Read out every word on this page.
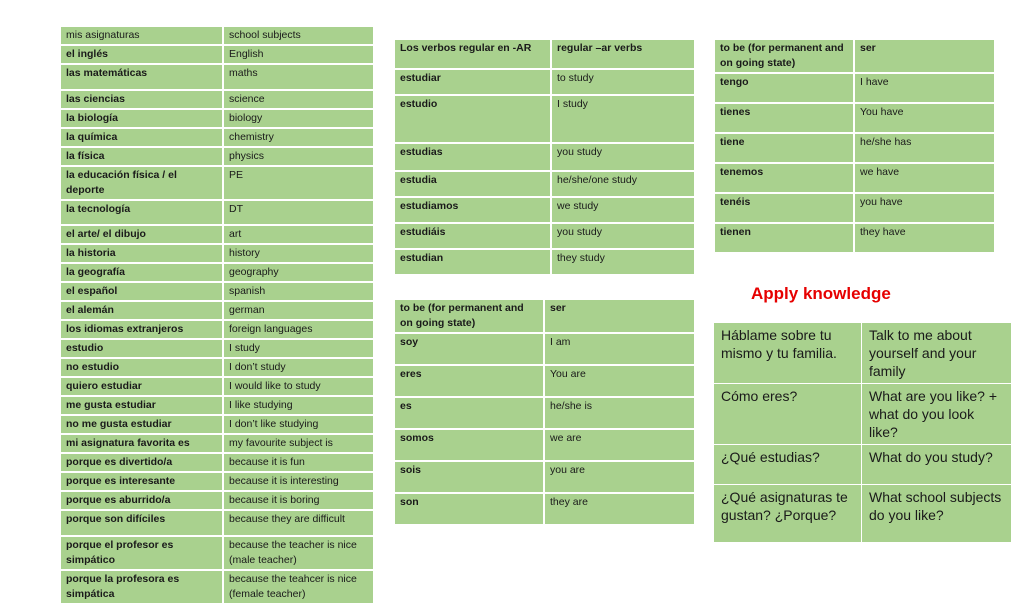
mis asignaturas	school subjects
el inglés	English
las matemáticas	maths
las ciencias	science
la biología	biology
la química	chemistry
la física	physics
la educación física / el deporte	PE
la tecnología	DT
el arte/ el dibujo	art
la historia	history
la geografía	geography
el español	spanish
el alemán	german
los idiomas extranjeros	foreign languages
estudio	I study
no estudio	I don’t study
quiero estudiar	I would like to study
me gusta estudiar	I like studying
no me gusta estudiar	I don’t like studying
mi asignatura favorita es	my favourite subject is
porque es divertido/a	because it is fun
porque es interesante	because it is interesting
porque es aburrido/a	because it is boring
porque son difíciles	because they are difficult
porque el profesor es simpático	because the teacher is nice (male teacher)
porque la profesora es simpática	because the teahcer is nice (female teacher)
Los verbos regular en -AR	regular –ar verbs
estudiar	to study
estudio	I study
estudias	you study
estudia	he/she/one study
estudiamos	we study
estudiáis	you study
estudian	they study
to be (for permanent and on going state)	ser
soy	I am
eres	You are
es	he/she is
somos	we are
sois	you are
son	they are
to be (for permanent and on going state)	ser
tengo	I have
tienes	You have
tiene	he/she has
tenemos	we have
tenéis	you have
tienen	they have
Apply knowledge
Háblame sobre tu mismo y tu familia.	Talk to me about yourself and your family
Cómo eres?	What are you like? + what do you look like?
¿Qué estudias?	What do you study?
¿Qué asignaturas te gustan? ¿Porque?	What school subjects do you like?
